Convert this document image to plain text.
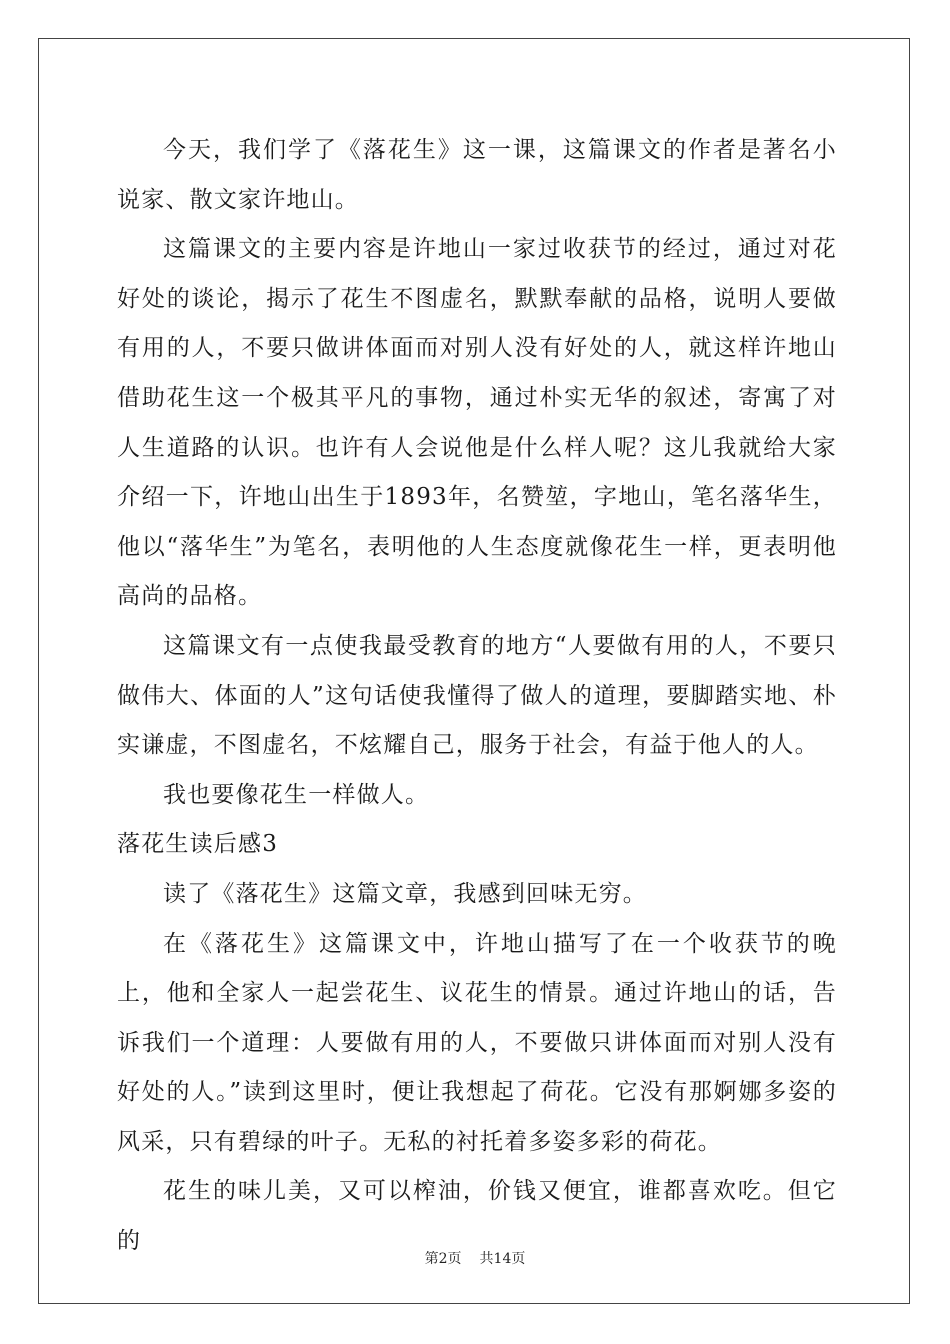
今天，我们学了《落花生》这一课，这篇课文的作者是著名小说家、散文家许地山。

这篇课文的主要内容是许地山一家过收获节的经过，通过对花好处的谈论，揭示了花生不图虚名，默默奉献的品格，说明人要做有用的人，不要只做讲体面而对别人没有好处的人，就这样许地山借助花生这一个极其平凡的事物，通过朴实无华的叙述，寄寓了对人生道路的认识。也许有人会说他是什么样人呢？这儿我就给大家介绍一下，许地山出生于1893年，名赞堃，字地山，笔名落华生，他以“落华生”为笔名，表明他的人生态度就像花生一样，更表明他高尚的品格。

这篇课文有一点使我最受教育的地方“人要做有用的人，不要只做伟大、体面的人”这句话使我懂得了做人的道理，要脚踏实地、朴实谦虚，不图虚名，不炫耀自己，服务于社会，有益于他人的人。

我也要像花生一样做人。

落花生读后感3

读了《落花生》这篇文章，我感到回味无穷。

在《落花生》这篇课文中，许地山描写了在一个收获节的晚上，他和全家人一起尝花生、议花生的情景。通过许地山的话，告诉我们一个道理：人要做有用的人，不要做只讲体面而对别人没有好处的人。”读到这里时，便让我想起了荷花。它没有那婀娜多姿的风采，只有碧绿的叶子。无私的衬托着多姿多彩的荷花。

花生的味儿美，又可以榨油，价钱又便宜，谁都喜欢吃。但它的

第2页 共14页
